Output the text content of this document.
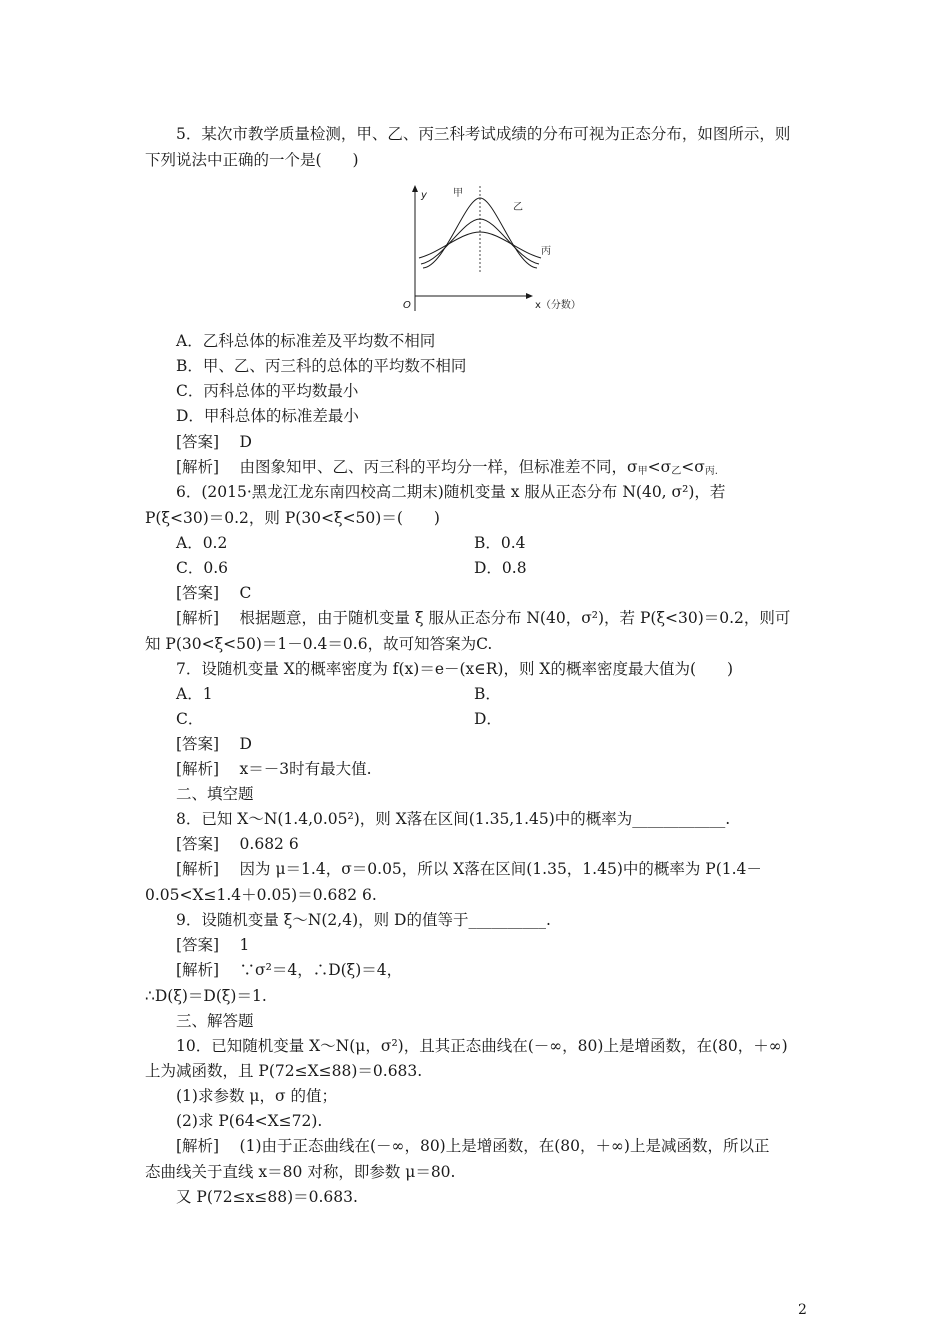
5．某次市教学质量检测，甲、乙、丙三科考试成绩的分布可视为正态分布，如图所示，则
下列说法中正确的一个是(　　)
y
O	x（分数）
甲
乙
丙
A．乙科总体的标准差及平均数不相同
B．甲、乙、丙三科的总体的平均数不相同
C．丙科总体的平均数最小
D．甲科总体的标准差最小
[答案]　 D
[解析]　 由图象知甲、乙、丙三科的平均分一样，但标准差不同，$\sigma_甲<\sigma_乙<\sigma_{丙.}$
6．(2015·黑龙江龙东南四校高二期末)随机变量 x 服从正态分布 N(40, σ²)，若
P(ξ<30)＝0.2，则 P(30<ξ<50)＝(　　)
A．0.2	B．0.4
C．0.6	D．0.8
[答案]　 C
[解析]　 根据题意，由于随机变量 ξ 服从正态分布 N(40，σ²)，若 P(ξ<30)＝0.2，则可
知 P(30<ξ<50)＝1－0.4＝0.6，故可知答案为C.
7．设随机变量 X的概率密度为 f(x)＝e－(x∈R)，则 X的概率密度最大值为(　　)
A．1	B．
C．	D．
[答案]　 D
[解析]　 x＝－3时有最大值.
二、填空题
8．已知 X～N(1.4,0.05²)，则 X落在区间(1.35,1.45)中的概率为____________.
[答案]　 0.682 6
[解析]　 因为 μ＝1.4，σ＝0.05，所以 X落在区间(1.35，1.45)中的概率为 P(1.4－
0.05<X≤1.4＋0.05)＝0.682 6.
9．设随机变量 ξ～N(2,4)，则 D的值等于__________.
[答案]　 1
[解析]　 ∵σ²＝4，∴D(ξ)＝4，
∴D(ξ)＝D(ξ)＝1.
三、解答题
10．已知随机变量 X～N(μ，σ²)，且其正态曲线在(－∞，80)上是增函数，在(80，＋∞)
上为减函数，且 P(72≤X≤88)＝0.683.
(1)求参数 μ，σ 的值；
(2)求 P(64<X≤72).
[解析]　 (1)由于正态曲线在(－∞，80)上是增函数，在(80，＋∞)上是减函数，所以正
态曲线关于直线 x＝80 对称，即参数 μ＝80.
又 P(72≤x≤88)＝0.683.
2
